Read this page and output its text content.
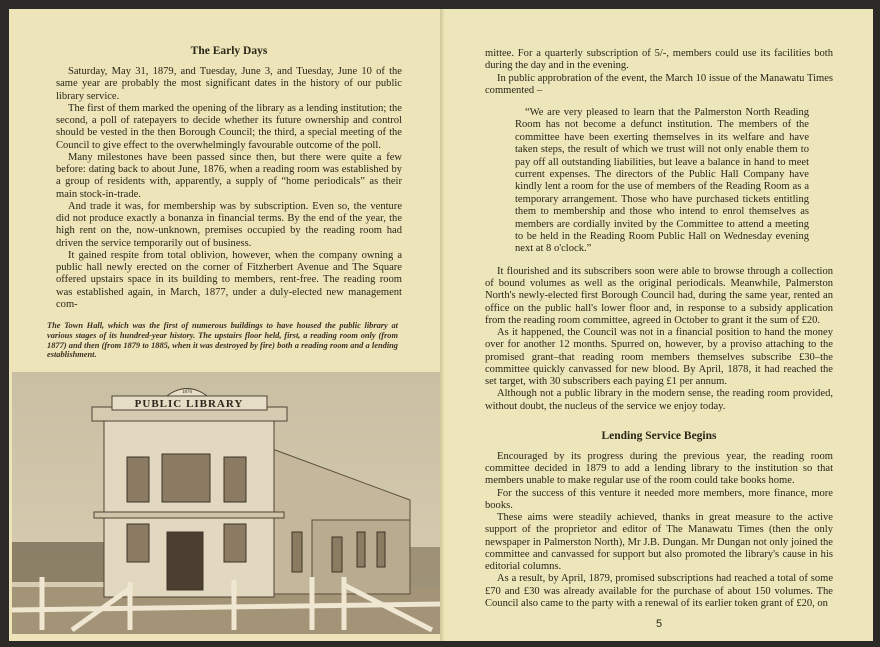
The Early Days

Saturday, May 31, 1879, and Tuesday, June 3, and Tuesday, June 10 of the same year are probably the most significant dates in the history of our public library service.

The first of them marked the opening of the library as a lending institution; the second, a poll of ratepayers to decide whether its future ownership and control should be vested in the then Borough Council; the third, a special meeting of the Council to give effect to the overwhelmingly favourable outcome of the poll.

Many milestones have been passed since then, but there were quite a few before: dating back to about June, 1876, when a reading room was established by a group of residents with, apparently, a supply of “home periodicals” as their main stock-in-trade.

And trade it was, for membership was by subscription. Even so, the venture did not produce exactly a bonanza in financial terms. By the end of the year, the high rent on the, now-unknown, premises occupied by the reading room had driven the service temporarily out of business.

It gained respite from total oblivion, however, when the company owning a public hall newly erected on the corner of Fitzherbert Avenue and The Square offered upstairs space in its building to members, rent-free. The reading room was established again, in March, 1877, under a duly-elected new management com-

The Town Hall, which was the first of numerous buildings to have housed the public library at various stages of its hundred-year history. The upstairs floor held, first, a reading room only (from 1877) and then (from 1879 to 1885, when it was destroyed by fire) both a reading room and a lending establishment.
PUBLIC LIBRARY
1876

mittee. For a quarterly subscription of 5/-, members could use its facilities both during the day and in the evening.

In public approbration of the event, the March 10 issue of the Manawatu Times commented –

“We are very pleased to learn that the Palmerston North Reading Room has not become a defunct institution. The members of the committee have been exerting themselves in its welfare and have taken steps, the result of which we trust will not only enable them to pay off all outstanding liabilities, but leave a balance in hand to meet current expenses. The directors of the Public Hall Company have kindly lent a room for the use of members of the Reading Room as a temporary arrangement. Those who have purchased tickets entitling them to membership and those who intend to enrol themselves as members are cordially invited by the Committee to attend a meeting to be held in the Reading Room Public Hall on Wednesday evening next at 8 o'clock.”

It flourished and its subscribers soon were able to browse through a collection of bound volumes as well as the original periodicals. Meanwhile, Palmerston North's newly-elected first Borough Council had, during the same year, rented an office on the public hall's lower floor and, in response to a subsidy application from the reading room committee, agreed in October to grant it the sum of £20.

As it happened, the Council was not in a financial position to hand the money over for another 12 months. Spurred on, however, by a proviso attaching to the promised grant–that reading room members themselves subscribe £30–the committee quickly canvassed for new blood. By April, 1878, it had reached the set target, with 30 subscribers each paying £1 per annum.

Although not a public library in the modern sense, the reading room provided, without doubt, the nucleus of the service we enjoy today.

Lending Service Begins

Encouraged by its progress during the previous year, the reading room committee decided in 1879 to add a lending library to the institution so that members unable to make regular use of the room could take books home.

For the success of this venture it needed more members, more finance, more books.

These aims were steadily achieved, thanks in great measure to the active support of the proprietor and editor of The Manawatu Times (then the only newspaper in Palmerston North), Mr J.B. Dungan. Mr Dungan not only joined the committee and canvassed for support but also promoted the library's cause in his editorial columns.

As a result, by April, 1879, promised subscriptions had reached a total of some £70 and £30 was already available for the purchase of about 150 volumes. The Council also came to the party with a renewal of its earlier token grant of £20, on

5
